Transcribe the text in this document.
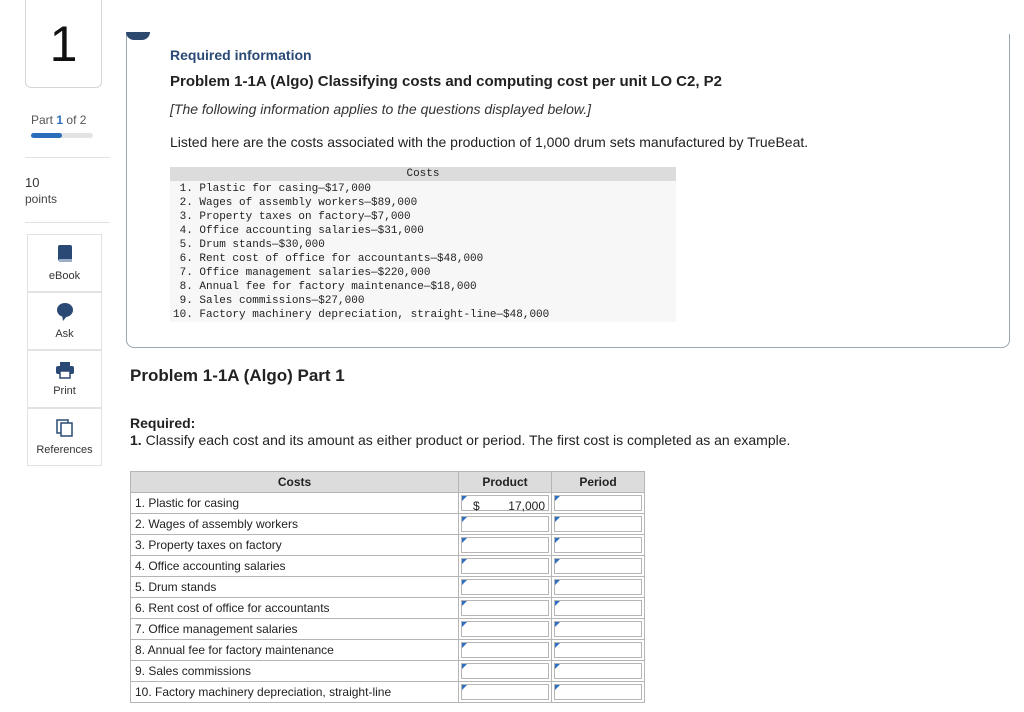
1
Part 1 of 2
10
points
eBook
Ask
Print
References
Required information
Problem 1-1A (Algo) Classifying costs and computing cost per unit LO C2, P2
[The following information applies to the questions displayed below.]
Listed here are the costs associated with the production of 1,000 drum sets manufactured by TrueBeat.
Costs
1. Plastic for casing—$17,000
2. Wages of assembly workers—$89,000
3. Property taxes on factory—$7,000
4. Office accounting salaries—$31,000
5. Drum stands—$30,000
6. Rent cost of office for accountants—$48,000
7. Office management salaries—$220,000
8. Annual fee for factory maintenance—$18,000
9. Sales commissions—$27,000
10. Factory machinery depreciation, straight-line—$48,000
Problem 1-1A (Algo) Part 1
Required:
1. Classify each cost and its amount as either product or period. The first cost is completed as an example.
Costs	Product	Period
1. Plastic for casing	$ 17,000	

2. Wages of assembly workers	

3. Property taxes on factory	

4. Office accounting salaries	

5. Drum stands	

6. Rent cost of office for accountants	

7. Office management salaries	

8. Annual fee for factory maintenance	

9. Sales commissions	

10. Factory machinery depreciation, straight-line	
